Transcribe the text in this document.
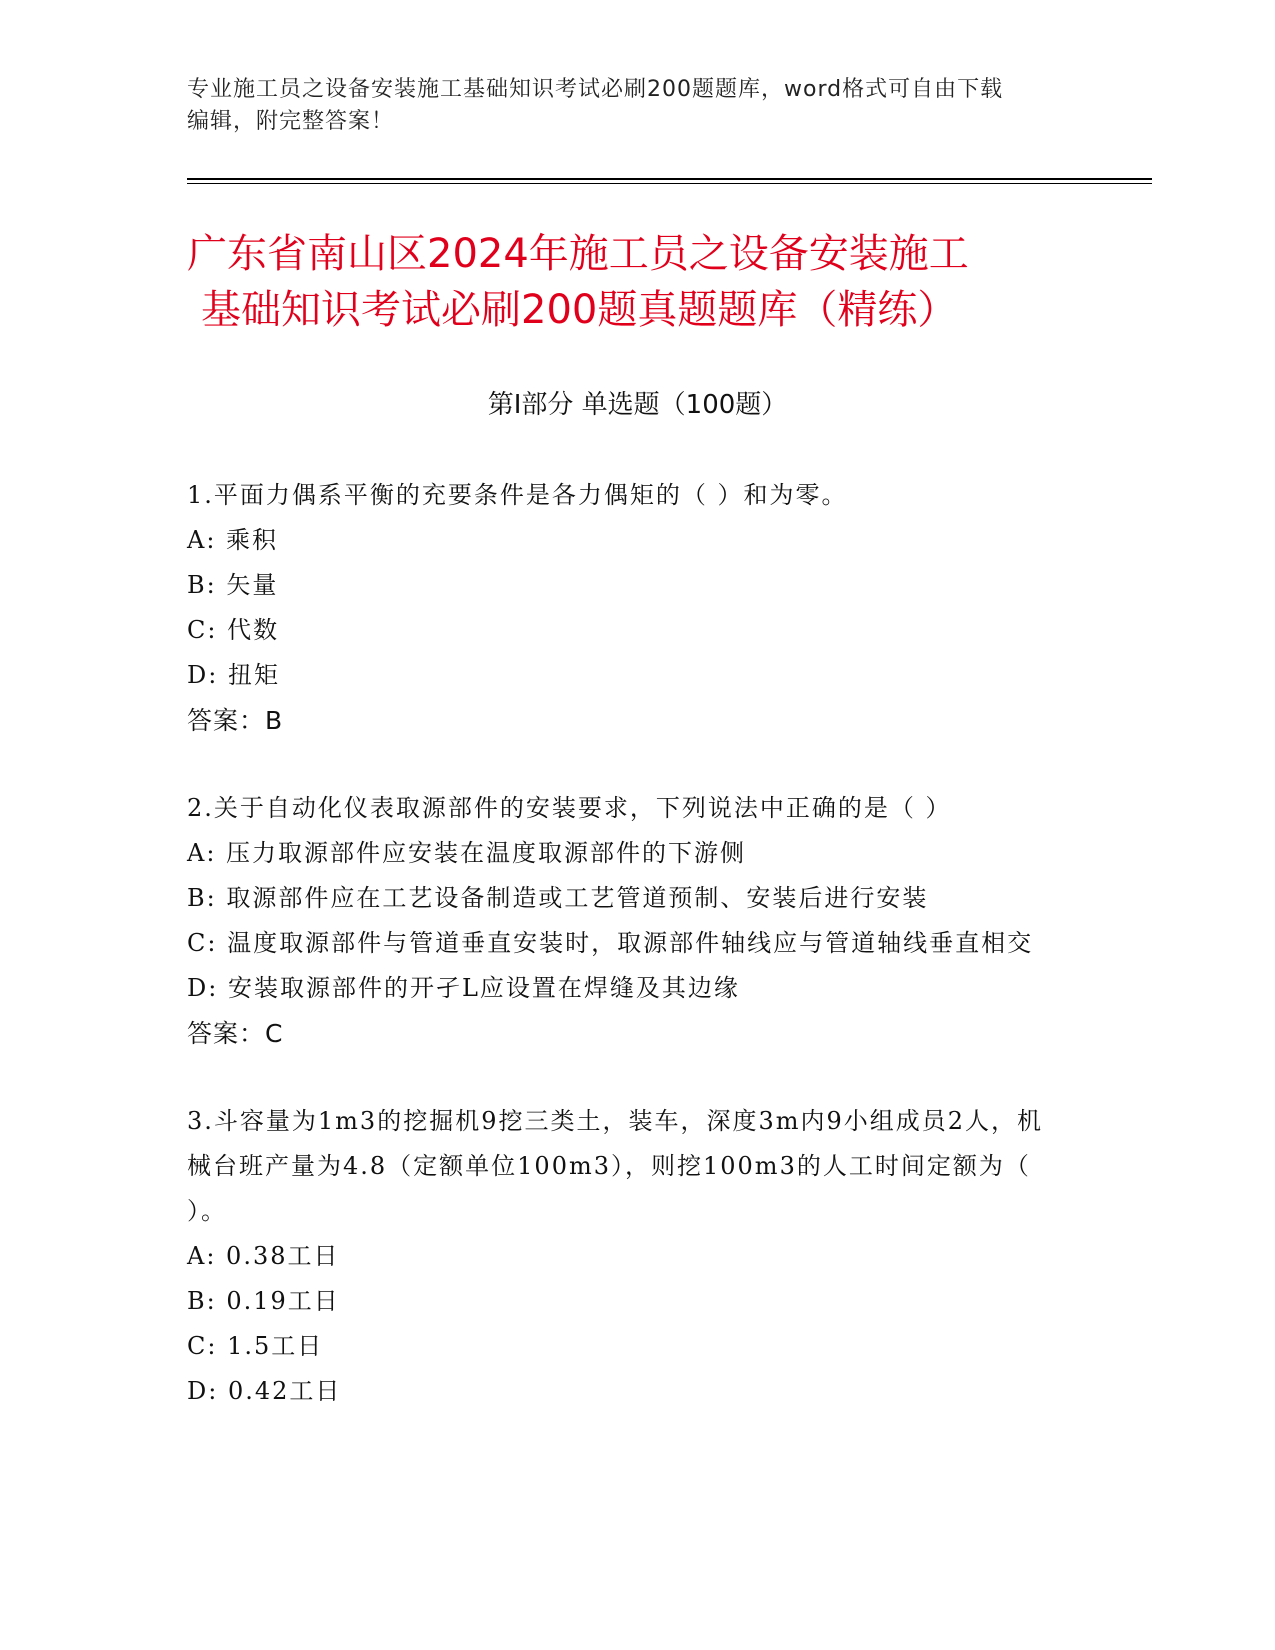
专业施工员之设备安装施工基础知识考试必刷200题题库，word格式可自由下载
编辑，附完整答案！
广东省南山区2024年施工员之设备安装施工
基础知识考试必刷200题真题题库（精练）
第Ⅰ部分 单选题（100题）
1.平面力偶系平衡的充要条件是各力偶矩的（ ）和为零。
A: 乘积
B: 矢量
C: 代数
D: 扭矩
答案：B
2.关于自动化仪表取源部件的安装要求，下列说法中正确的是（ ）
A: 压力取源部件应安装在温度取源部件的下游侧
B: 取源部件应在工艺设备制造或工艺管道预制、安装后进行安装
C: 温度取源部件与管道垂直安装时，取源部件轴线应与管道轴线垂直相交
D: 安装取源部件的开孑L应设置在焊缝及其边缘
答案：C
3.斗容量为1m3的挖掘机9挖三类土，装车，深度3m内9小组成员2人，机械台班产量为4.8（定额单位100m3），则挖100m3的人工时间定额为（ ）。
A: 0.38工日
B: 0.19工日
C: 1.5工日
D: 0.42工日
